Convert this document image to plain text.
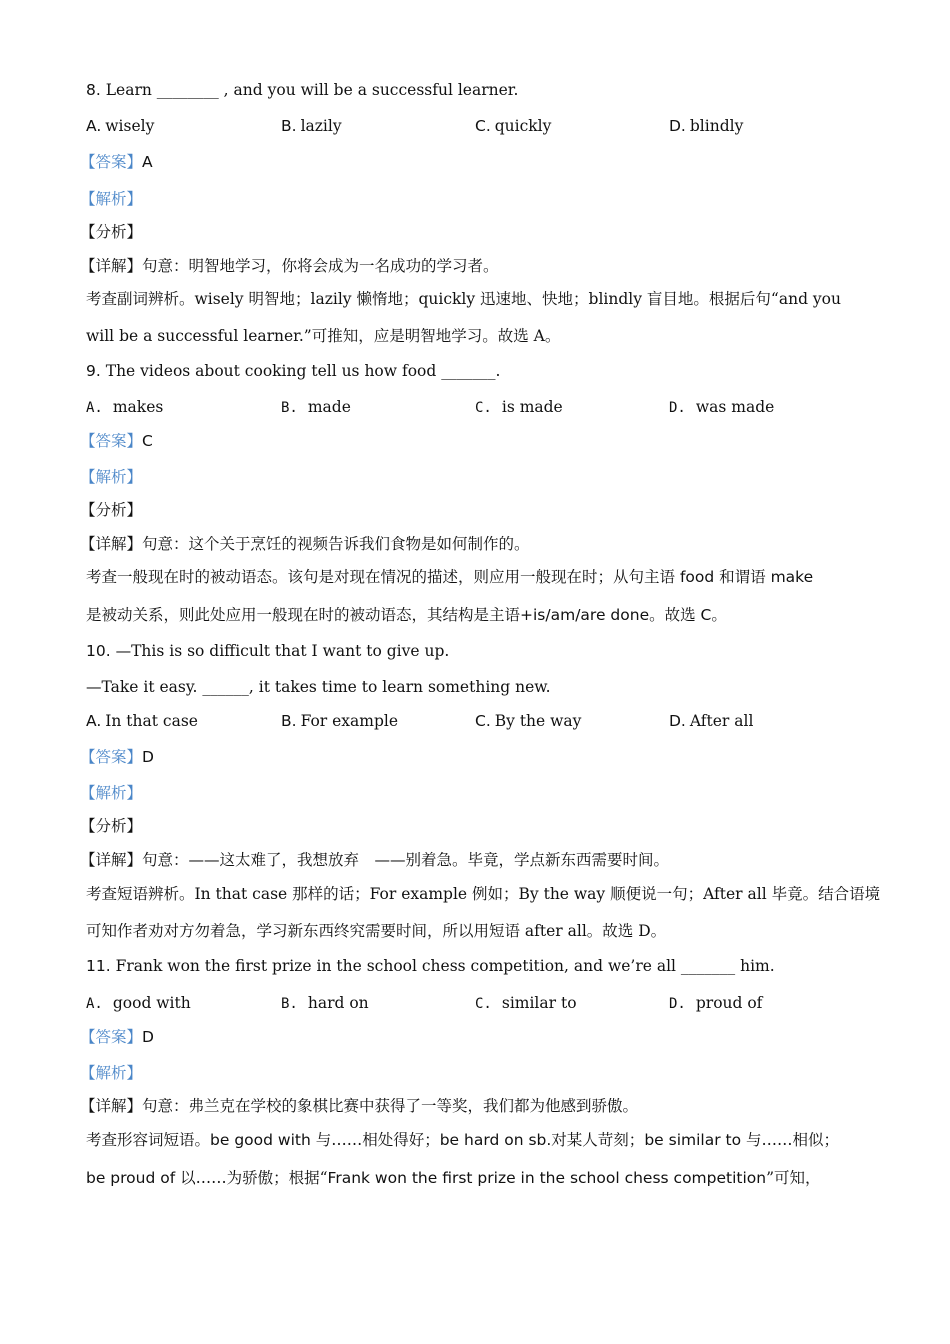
8. Learn ________ , and you will be a successful learner.
A. wisely	B. lazily	C. quickly	D. blindly
【答案】A
【解析】
【分析】
【详解】句意：明智地学习，你将会成为一名成功的学习者。
考查副词辨析。wisely 明智地；lazily 懒惰地；quickly 迅速地、快地；blindly 盲目地。根据后句“and you
will be a successful learner.”可推知，应是明智地学习。故选 A。
9. The videos about cooking tell us how food _______.
A. makes	B. made	C. is made	D. was made
【答案】C
【解析】
【分析】
【详解】句意：这个关于烹饪的视频告诉我们食物是如何制作的。
考查一般现在时的被动语态。该句是对现在情况的描述，则应用一般现在时；从句主语 food 和谓语 make
是被动关系，则此处应用一般现在时的被动语态，其结构是主语+is/am/are done。故选 C。
10. —This is so difficult that I want to give up.
—Take it easy. ______, it takes time to learn something new.
A. In that case	B. For example	C. By the way	D. After all
【答案】D
【解析】
【分析】
【详解】句意：——这太难了，我想放弃　——别着急。毕竟，学点新东西需要时间。
考查短语辨析。In that case 那样的话；For example 例如；By the way 顺便说一句；After all 毕竟。结合语境
可知作者劝对方勿着急，学习新东西终究需要时间，所以用短语 after all。故选 D。
11. Frank won the first prize in the school chess competition, and we’re all _______ him.
A. good with	B. hard on	C. similar to	D. proud of
【答案】D
【解析】
【详解】句意：弗兰克在学校的象棋比赛中获得了一等奖，我们都为他感到骄傲。
考查形容词短语。be good with 与……相处得好；be hard on sb.对某人苛刻；be similar to 与……相似；
be proud of 以……为骄傲；根据“Frank won the first prize in the school chess competition”可知，
